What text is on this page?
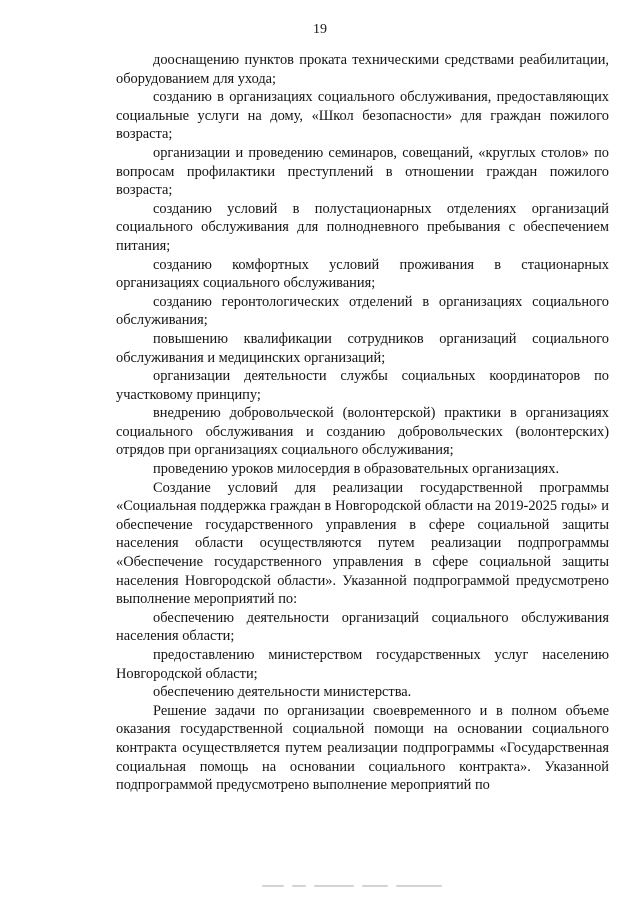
19

дооснащению пунктов проката техническими средствами реабилитации, оборудованием для ухода;

созданию в организациях социального обслуживания, предоставляющих социальные услуги на дому, «Школ безопасности» для граждан пожилого возраста;

организации и проведению семинаров, совещаний, «круглых столов» по вопросам профилактики преступлений в отношении граждан пожилого возраста;

созданию условий в полустационарных отделениях организаций социального обслуживания для полнодневного пребывания с обеспечением питания;

созданию комфортных условий проживания в стационарных организациях социального обслуживания;

созданию геронтологических отделений в организациях социального обслуживания;

повышению квалификации сотрудников организаций социального обслуживания и медицинских организаций;

организации деятельности службы социальных координаторов по участковому принципу;

внедрению добровольческой (волонтерской) практики в организациях социального обслуживания и созданию добровольческих (волонтерских) отрядов при организациях социального обслуживания;

проведению уроков милосердия в образовательных организациях.

Создание условий для реализации государственной программы «Социальная поддержка граждан в Новгородской области на 2019-2025 годы» и обеспечение государственного управления в сфере социальной защиты населения области осуществляются путем реализации подпрограммы «Обеспечение государственного управления в сфере социальной защиты населения Новгородской области». Указанной подпрограммой предусмотрено выполнение мероприятий по:

обеспечению деятельности организаций социального обслуживания населения области;

предоставлению министерством государственных услуг населению Новгородской области;

обеспечению деятельности министерства.

Решение задачи по организации своевременного и в полном объеме оказания государственной социальной помощи на основании социального контракта осуществляется путем реализации подпрограммы «Государственная социальная помощь на основании социального контракта». Указанной подпрограммой предусмотрено выполнение мероприятий по
